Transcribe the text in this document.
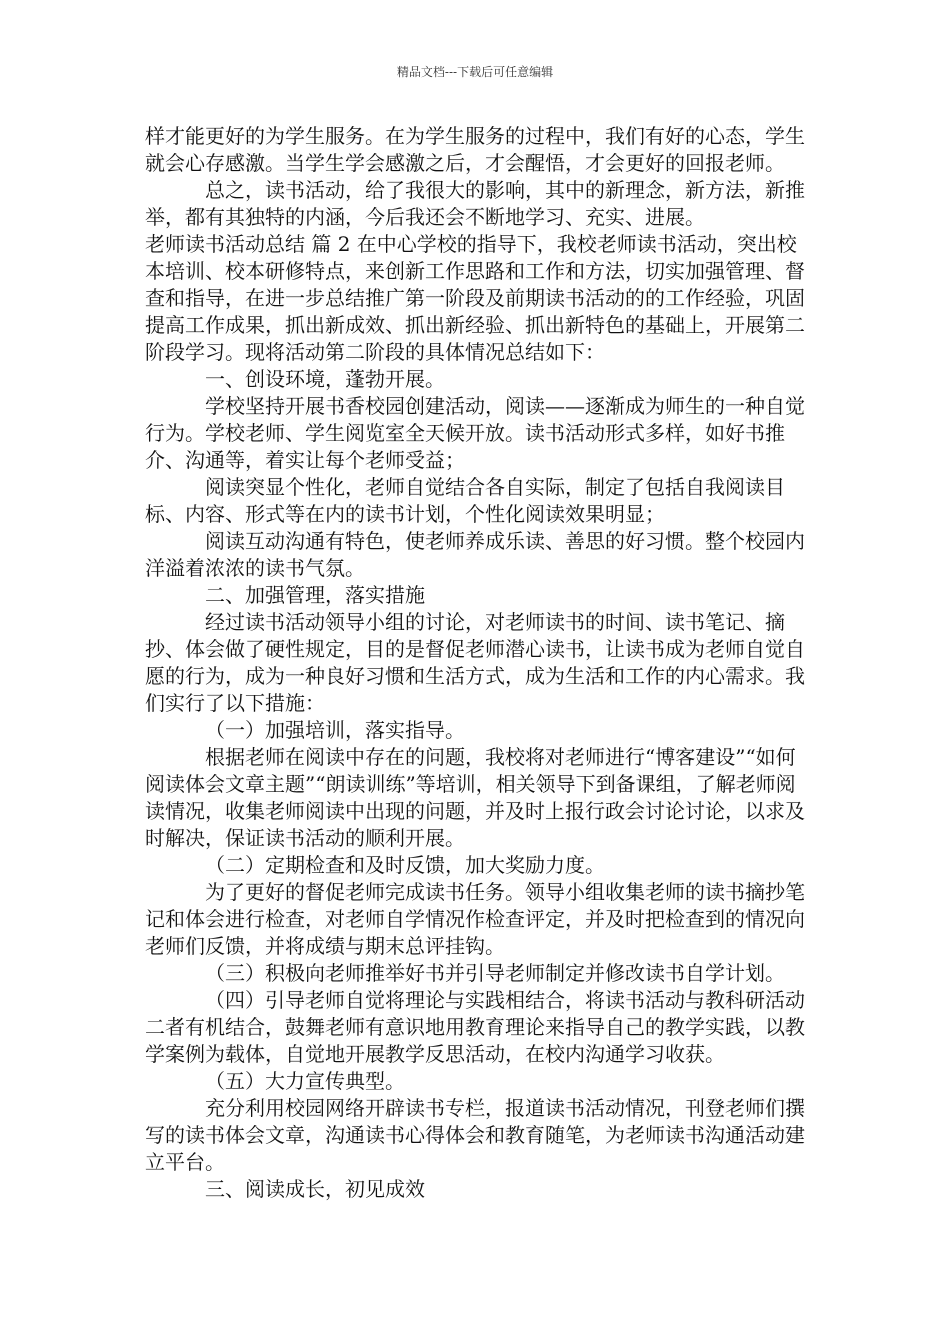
精品文档---下载后可任意编辑

样才能更好的为学生服务。在为学生服务的过程中，我们有好的心态，学生就会心存感激。当学生学会感激之后，才会醒悟，才会更好的回报老师。

总之，读书活动，给了我很大的影响，其中的新理念，新方法，新推举，都有其独特的内涵，今后我还会不断地学习、充实、进展。

老师读书活动总结 篇 2 在中心学校的指导下，我校老师读书活动，突出校本培训、校本研修特点，来创新工作思路和工作和方法，切实加强管理、督查和指导，在进一步总结推广第一阶段及前期读书活动的的工作经验，巩固提高工作成果，抓出新成效、抓出新经验、抓出新特色的基础上，开展第二阶段学习。现将活动第二阶段的具体情况总结如下：

一、创设环境，蓬勃开展。

学校坚持开展书香校园创建活动，阅读——逐渐成为师生的一种自觉行为。学校老师、学生阅览室全天候开放。读书活动形式多样，如好书推介、沟通等，着实让每个老师受益；

阅读突显个性化，老师自觉结合各自实际，制定了包括自我阅读目标、内容、形式等在内的读书计划，个性化阅读效果明显；

阅读互动沟通有特色，使老师养成乐读、善思的好习惯。整个校园内洋溢着浓浓的读书气氛。

二、加强管理，落实措施

经过读书活动领导小组的讨论，对老师读书的时间、读书笔记、摘抄、体会做了硬性规定，目的是督促老师潜心读书，让读书成为老师自觉自愿的行为，成为一种良好习惯和生活方式，成为生活和工作的内心需求。我们实行了以下措施：

（一）加强培训，落实指导。

根据老师在阅读中存在的问题，我校将对老师进行“博客建设”“如何阅读体会文章主题”“朗读训练”等培训，相关领导下到备课组，了解老师阅读情况，收集老师阅读中出现的问题，并及时上报行政会讨论讨论，以求及时解决，保证读书活动的顺利开展。

（二）定期检查和及时反馈，加大奖励力度。

为了更好的督促老师完成读书任务。领导小组收集老师的读书摘抄笔记和体会进行检查，对老师自学情况作检查评定，并及时把检查到的情况向老师们反馈，并将成绩与期末总评挂钩。

（三）积极向老师推举好书并引导老师制定并修改读书自学计划。

（四）引导老师自觉将理论与实践相结合，将读书活动与教科研活动二者有机结合，鼓舞老师有意识地用教育理论来指导自己的教学实践，以教学案例为载体，自觉地开展教学反思活动，在校内沟通学习收获。

（五）大力宣传典型。

充分利用校园网络开辟读书专栏，报道读书活动情况，刊登老师们撰写的读书体会文章，沟通读书心得体会和教育随笔，为老师读书沟通活动建立平台。

三、阅读成长，初见成效
